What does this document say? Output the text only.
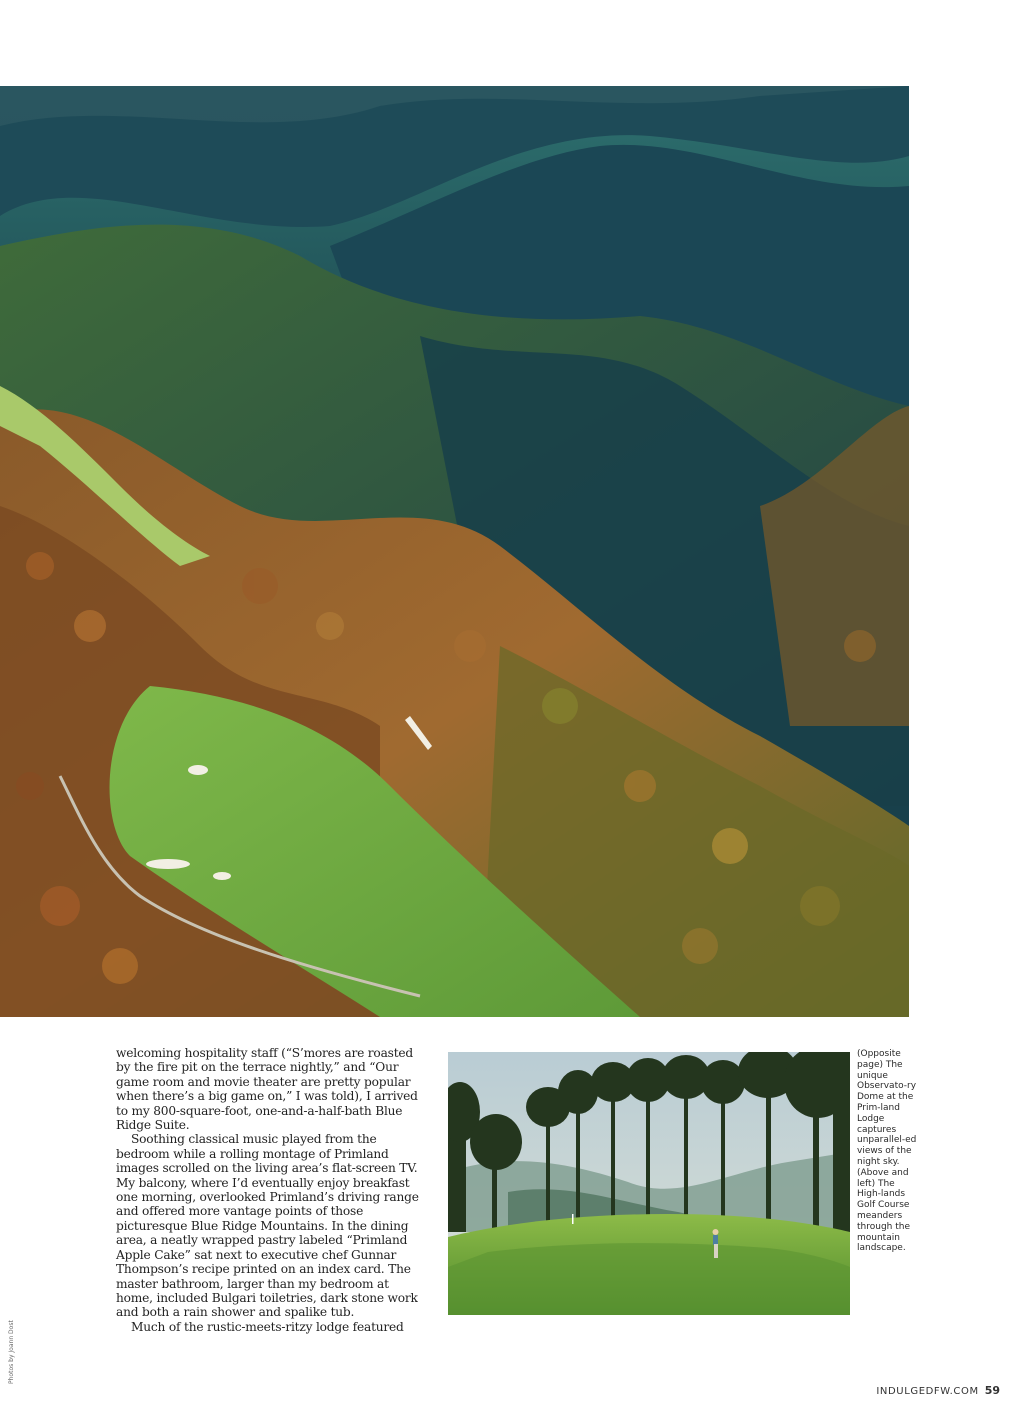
welcoming hospitality staff (“S’mores are roasted by the fire pit on the terrace nightly,” and “Our game room and movie theater are pretty popular when there’s a big game on,” I was told), I arrived to my 800-square-foot, one-and-a-half-bath Blue Ridge Suite.

Soothing classical music played from the bedroom while a rolling montage of Primland images scrolled on the living area’s flat-screen TV. My balcony, where I’d eventually enjoy breakfast one morning, overlooked Primland’s driving range and offered more vantage points of those picturesque Blue Ridge Mountains. In the dining area, a neatly wrapped pastry labeled “Primland Apple Cake” sat next to executive chef Gunnar Thompson’s recipe printed on an index card. The master bathroom, larger than my bedroom at home, included Bulgari toiletries, dark stone work and both a rain shower and spalike tub.

Much of the rustic-meets-ritzy lodge featured

(Opposite page) The unique Observato-ry Dome at the Prim-land Lodge captures unparallel-ed views of the night sky. (Above and left) The High-lands Golf Course meanders through the mountain landscape.
Photos by Joann Dost
INDULGEDFW.COM 59
